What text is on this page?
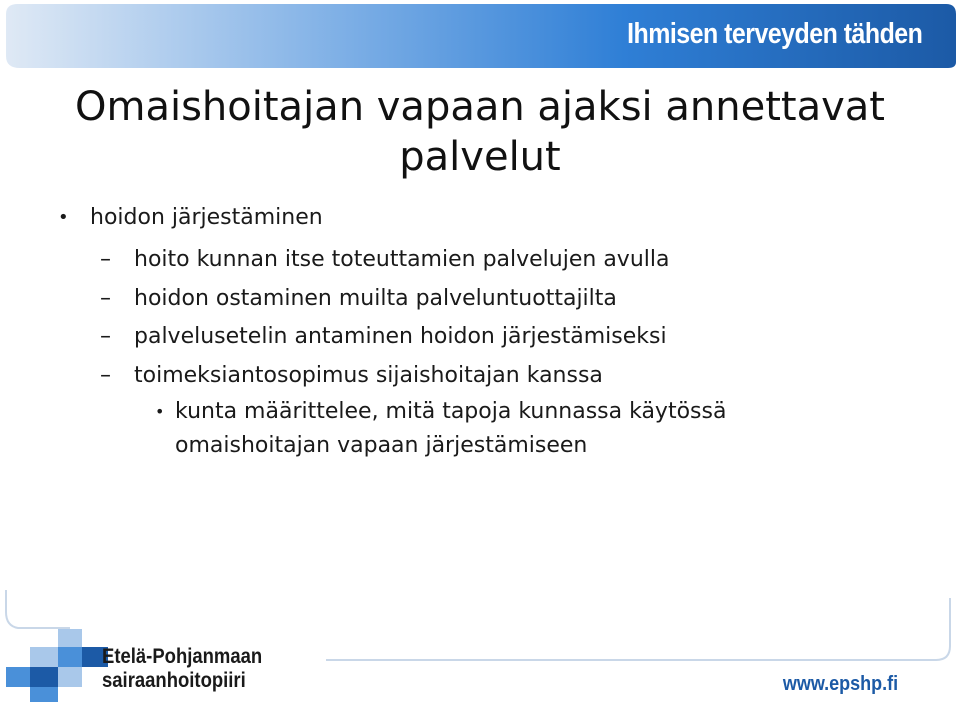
Ihmisen terveyden tähden
Omaishoitajan vapaan ajaksi annettavat palvelut
• hoidon järjestäminen
– hoito kunnan itse toteuttamien palvelujen avulla
– hoidon ostaminen muilta palveluntuottajilta
– palvelusetelin antaminen hoidon järjestämiseksi
– toimeksiantosopimus sijaishoitajan kanssa
• kunta määrittelee, mitä tapoja kunnassa käytössä omaishoitajan vapaan järjestämiseen
Etelä-Pohjanmaan
sairaanhoitopiiri	www.epshp.fi
